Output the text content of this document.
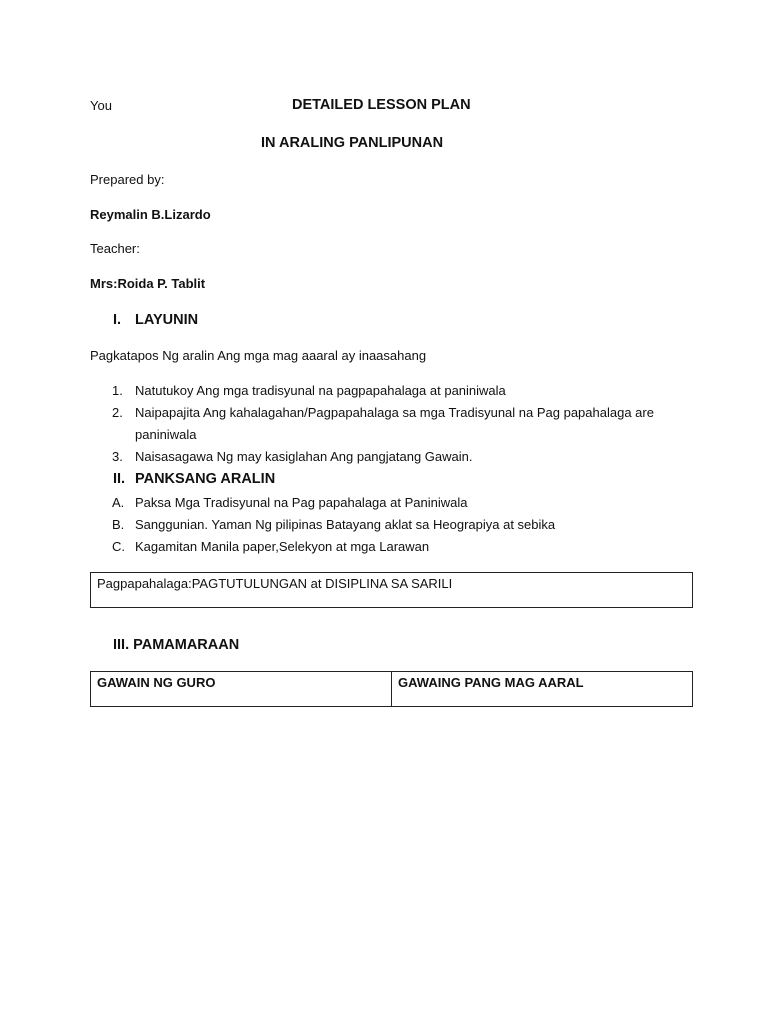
You	DETAILED LESSON PLAN
IN ARALING PANLIPUNAN
Prepared by:
Reymalin B.Lizardo
Teacher:
Mrs:Roida P. Tablit
I. LAYUNIN
Pagkatapos Ng aralin Ang mga mag aaaral ay inaasahang
1. Natutukoy Ang mga tradisyunal na pagpapahalaga at paniniwala
2. Naipapajita Ang kahalagahan/Pagpapahalaga sa mga Tradisyunal na Pag papahalaga are paniniwala
3. Naisasagawa Ng may kasiglahan Ang pangjatang Gawain.
II. PANKSANG ARALIN
A. Paksa Mga Tradisyunal na Pag papahalaga at Paniniwala
B. Sanggunian. Yaman Ng pilipinas Batayang aklat sa Heograpiya at sebika
C. Kagamitan Manila paper,Selekyon at mga Larawan
Pagpapahalaga:PAGTUTULUNGAN at DISIPLINA SA SARILI
III. PAMAMARAAN
GAWAIN NG GURO	GAWAING PANG MAG AARAL
